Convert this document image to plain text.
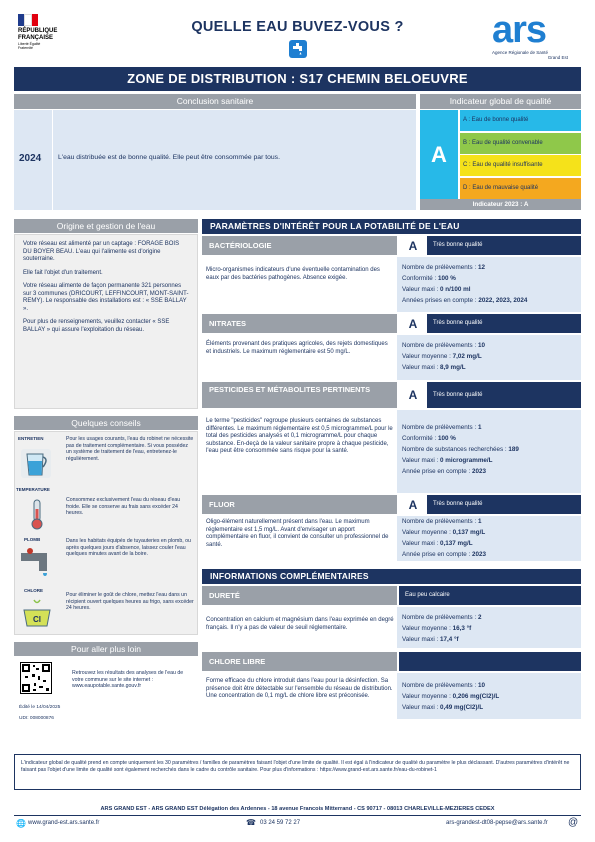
RÉPUBLIQUE
FRANÇAISE
Liberté Égalité Fraternité
QUELLE EAU BUVEZ-VOUS ?	ars
Agence Régionale de Santé
Grand Est
ZONE DE DISTRIBUTION : S17 CHEMIN BELOEUVRE
Conclusion sanitaire
2024 L'eau distribuée est de bonne qualité. Elle peut être consommée par tous.
Indicateur global de qualité
A
A : Eau de bonne qualité
B : Eau de qualité convenable
C : Eau de qualité insuffisante
D : Eau de mauvaise qualité
Indicateur 2023 : A
Origine et gestion de l'eau
Votre réseau est alimenté par un captage : FORAGE BOIS DU BOYER BEAU. L'eau qui l'alimente est d'origine souterraine.
Elle fait l'objet d'un traitement.
Votre réseau alimente de façon permanente 321 personnes sur 3 communes (DRICOURT, LEFFINCOURT, MONT-SAINT-REMY). Le responsable des installations est : « SSE BALLAY ».
Pour plus de renseignements, veuillez contacter « SSE BALLAY » qui assure l'exploitation du réseau.
Quelques conseils
ENTRETIEN	Pour les usages courants, l'eau du robinet ne nécessite pas de traitement complémentaire. Si vous possédez un système de traitement de l'eau, entretenez-le régulièrement.
TEMPERATURE
Consommez exclusivement l'eau du réseau d'eau froide. Elle se conserve au frais sans excéder 24 heures.
PLOMB	Dans les habitats équipés de tuyauteries en plomb, ou après quelques jours d'absence, laissez couler l'eau quelques minutes avant de la boire.
CHLORE
Cl
Pour éliminer le goût de chlore, mettez l'eau dans un récipient ouvert quelques heures au frigo, sans excéder 24 heures.
Pour aller plus loin
Retrouvez les résultats des analyses de l'eau de votre commune sur le site internet : www.eaupotable.sante.gouv.fr
Édité le 14/04/2025
UDI: 008000876
PARAMÈTRES D'INTÉRÊT POUR LA POTABILITÉ DE L'EAU
BACTÉRIOLOGIE	A	Très bonne qualité
Micro-organismes indicateurs d'une éventuelle contamination des eaux par des bactéries pathogènes. Absence exigée.
Nombre de prélèvements : 12
Conformité : 100 %
Valeur maxi : 0 n/100 ml
Années prises en compte : 2022, 2023, 2024
NITRATES	A	Très bonne qualité
Éléments provenant des pratiques agricoles, des rejets domestiques et industriels. Le maximum réglementaire est 50 mg/L.
Nombre de prélèvements : 10
Valeur moyenne : 7,02 mg/L
Valeur maxi : 8,9 mg/L
PESTICIDES ET MÉTABOLITES PERTINENTS	A	Très bonne qualité
Le terme "pesticides" regroupe plusieurs centaines de substances différentes. Le maximum réglementaire est 0,5 microgramme/L pour le total des pesticides analysés et 0,1 microgramme/L pour chaque substance. En-deçà de la valeur sanitaire propre à chaque pesticide, l'eau peut être consommée sans risque pour la santé.
Nombre de prélèvements : 1
Conformité : 100 %
Nombre de substances recherchées : 189
Valeur maxi : 0 microgramme/L
Année prise en compte : 2023
FLUOR	A	Très bonne qualité
Oligo-élément naturellement présent dans l'eau. Le maximum réglementaire est 1,5 mg/L. Avant d'envisager un apport complémentaire en fluor, il convient de consulter un professionnel de santé.
Nombre de prélèvements : 1
Valeur moyenne : 0,137 mg/L
Valeur maxi : 0,137 mg/L
Année prise en compte : 2023
INFORMATIONS COMPLÉMENTAIRES
DURETÉ	Eau peu calcaire
Concentration en calcium et magnésium dans l'eau exprimée en degré français. Il n'y a pas de valeur de seuil réglementaire.
Nombre de prélèvements : 2
Valeur moyenne : 16,3 °f
Valeur maxi : 17,4 °f
CHLORE LIBRE
Forme efficace du chlore introduit dans l'eau pour la désinfection. Sa présence doit être détectable sur l'ensemble du réseau de distribution. Une concentration de 0,1 mg/L de chlore libre est préconisée.
Nombre de prélèvements : 10
Valeur moyenne : 0,206 mg(Cl2)/L
Valeur maxi : 0,49 mg(Cl2)/L
L'indicateur global de qualité prend en compte uniquement les 30 paramètres / familles de paramètres faisant l'objet d'une limite de qualité. Il est égal à l'indicateur de qualité du paramètre le plus déclassant. D'autres paramètres d'intérêt ne faisant pas l'objet d'une limite de qualité sont également recherchés dans le cadre du contrôle sanitaire. Pour plus d'informations : https://www.grand-est.ars.sante.fr/eau-du-robinet-1
ARS GRAND EST - ARS GRAND EST Délégation des Ardennes - 18 avenue Francois Mitterrand - CS 90717 - 08013 CHARLEVILLE-MEZIERES CEDEX
🌐 www.grand-est.ars.sante.fr	☎ 03 24 59 72 27	ars-grandest-dt08-pepse@ars.sante.fr @
